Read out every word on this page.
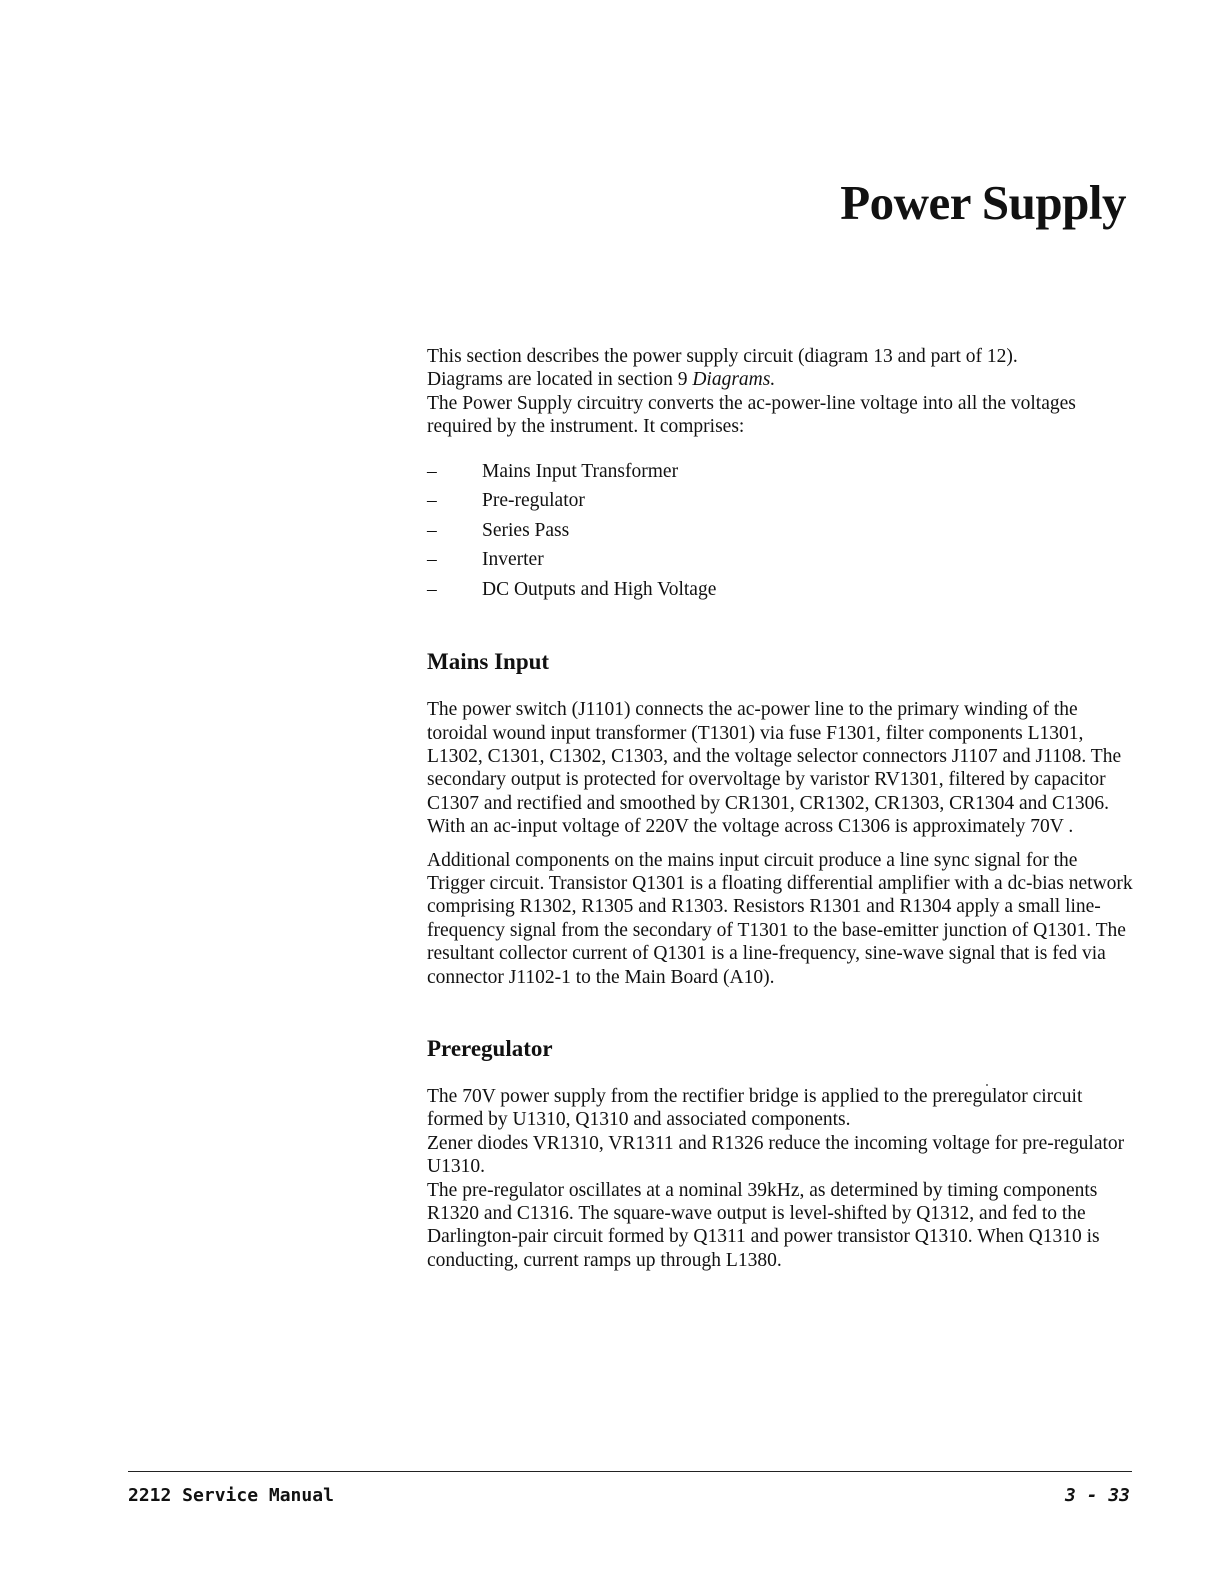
Power Supply

This section describes the power supply circuit (diagram 13 and part of 12).

Diagrams are located in section 9 Diagrams.

The Power Supply circuitry converts the ac-power-line voltage into all the voltages required by the instrument. It comprises:

– Mains Input Transformer
– Pre-regulator
– Series Pass
– Inverter
– DC Outputs and High Voltage
Mains Input

The power switch (J1101) connects the ac-power line to the primary winding of the toroidal wound input transformer (T1301) via fuse F1301, filter components L1301, L1302, C1301, C1302, C1303, and the voltage selector connectors J1107 and J1108. The secondary output is protected for overvoltage by varistor RV1301, filtered by capacitor C1307 and rectified and smoothed by CR1301, CR1302, CR1303, CR1304 and C1306. With an ac-input voltage of 220V the voltage across C1306 is approximately 70V .

Additional components on the mains input circuit produce a line sync signal for the Trigger circuit. Transistor Q1301 is a floating differential amplifier with a dc-bias network comprising R1302, R1305 and R1303. Resistors R1301 and R1304 apply a small line-frequency signal from the secondary of T1301 to the base-emitter junction of Q1301. The resultant collector current of Q1301 is a line-frequency, sine-wave signal that is fed via connector J1102-1 to the Main Board (A10).

Preregulator

The 70V power supply from the rectifier bridge is applied to the preregulator circuit formed by U1310, Q1310 and associated components.

Zener diodes VR1310, VR1311 and R1326 reduce the incoming voltage for pre-regulator U1310.

The pre-regulator oscillates at a nominal 39kHz, as determined by timing components R1320 and C1316. The square-wave output is level-shifted by Q1312, and fed to the Darlington-pair circuit formed by Q1311 and power transistor Q1310. When Q1310 is conducting, current ramps up through L1380.

2212 Service Manual	3 - 33
